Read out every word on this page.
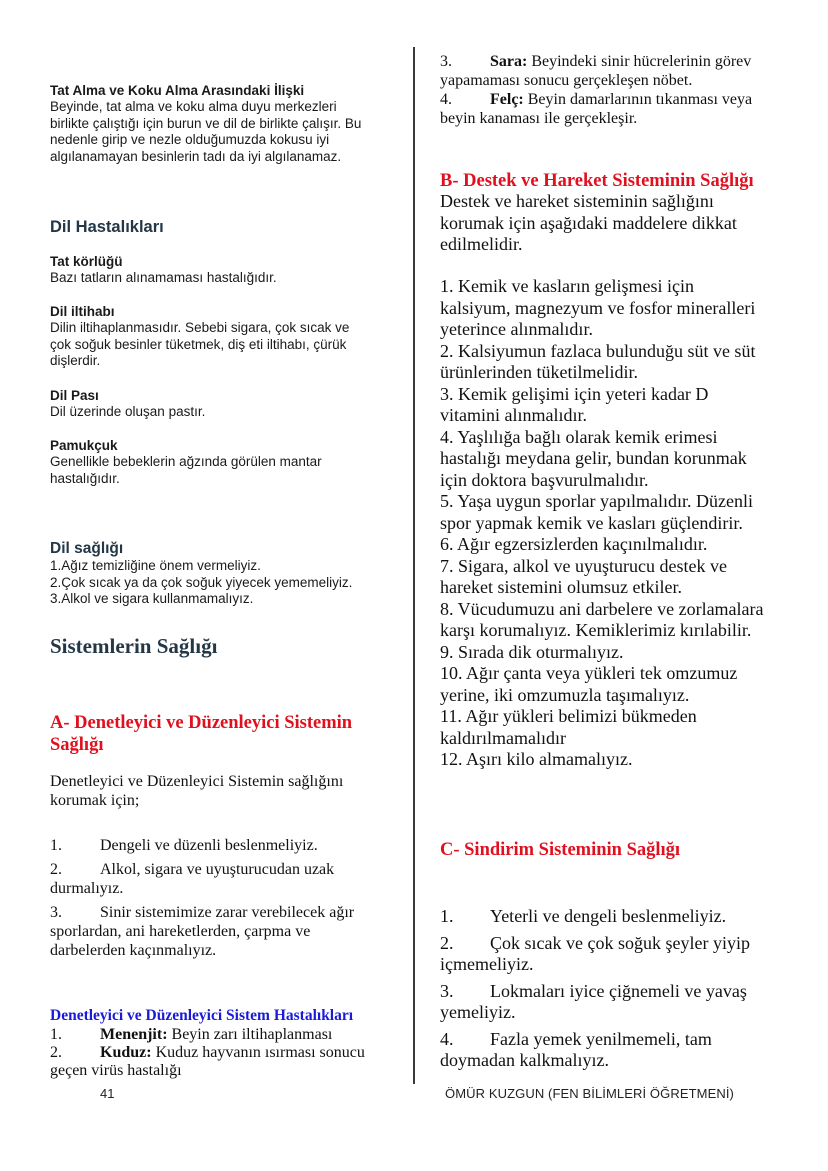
Tat Alma ve Koku Alma Arasındaki İlişki

Beyinde, tat alma ve koku alma duyu merkezleri

birlikte çalıştığı için burun ve dil de birlikte çalışır. Bu

nedenle girip ve nezle olduğumuzda kokusu iyi

algılanamayan besinlerin tadı da iyi algılanamaz.

Dil Hastalıkları

Tat körlüğü

Bazı tatların alınamaması hastalığıdır.

Dil iltihabı

Dilin iltihaplanmasıdır. Sebebi sigara, çok sıcak ve

çok soğuk besinler tüketmek, diş eti iltihabı, çürük

dişlerdir.

Dil Pası

Dil üzerinde oluşan pastır.

Pamukçuk

Genellikle bebeklerin ağzında görülen mantar

hastalığıdır.

Dil sağlığı

1.Ağız temizliğine önem vermeliyiz.

2.Çok sıcak ya da çok soğuk yiyecek yememeliyiz.

3.Alkol ve sigara kullanmamalıyız.

Sistemlerin Sağlığı

A- Denetleyici ve Düzenleyici Sistemin

Sağlığı

Denetleyici ve Düzenleyici Sistemin sağlığını

korumak için;

1. Dengeli ve düzenli beslenmeliyiz.

2. Alkol, sigara ve uyuşturucudan uzak

durmalıyız.

3. Sinir sistemimize zarar verebilecek ağır

sporlardan, ani hareketlerden, çarpma ve

darbelerden kaçınmalıyız.

Denetleyici ve Düzenleyici Sistem Hastalıkları

1. Menenjit: Beyin zarı iltihaplanması

2. Kuduz: Kuduz hayvanın ısırması sonucu

geçen virüs hastalığı

3. Sara: Beyindeki sinir hücrelerinin görev

yapamaması sonucu gerçekleşen nöbet.

4. Felç: Beyin damarlarının tıkanması veya

beyin kanaması ile gerçekleşir.

B- Destek ve Hareket Sisteminin Sağlığı

Destek ve hareket sisteminin sağlığını

korumak için aşağıdaki maddelere dikkat

edilmelidir.

1. Kemik ve kasların gelişmesi için

kalsiyum, magnezyum ve fosfor mineralleri

yeterince alınmalıdır.

2. Kalsiyumun fazlaca bulunduğu süt ve süt

ürünlerinden tüketilmelidir.

3. Kemik gelişimi için yeteri kadar D

vitamini alınmalıdır.

4. Yaşlılığa bağlı olarak kemik erimesi

hastalığı meydana gelir, bundan korunmak

için doktora başvurulmalıdır.

5. Yaşa uygun sporlar yapılmalıdır. Düzenli

spor yapmak kemik ve kasları güçlendirir.

6. Ağır egzersizlerden kaçınılmalıdır.

7. Sigara, alkol ve uyuşturucu destek ve

hareket sistemini olumsuz etkiler.

8. Vücudumuzu ani darbelere ve zorlamalara

karşı korumalıyız. Kemiklerimiz kırılabilir.

9. Sırada dik oturmalıyız.

10. Ağır çanta veya yükleri tek omzumuz

yerine, iki omzumuzla taşımalıyız.

11. Ağır yükleri belimizi bükmeden

kaldırılmamalıdır

12. Aşırı kilo almamalıyız.

C- Sindirim Sisteminin Sağlığı

1. Yeterli ve dengeli beslenmeliyiz.

2. Çok sıcak ve çok soğuk şeyler yiyip

içmemeliyiz.

3. Lokmaları iyice çiğnemeli ve yavaş

yemeliyiz.

4. Fazla yemek yenilmemeli, tam

doymadan kalkmalıyız.

41	ÖMÜR KUZGUN (FEN BİLİMLERİ ÖĞRETMENİ)
